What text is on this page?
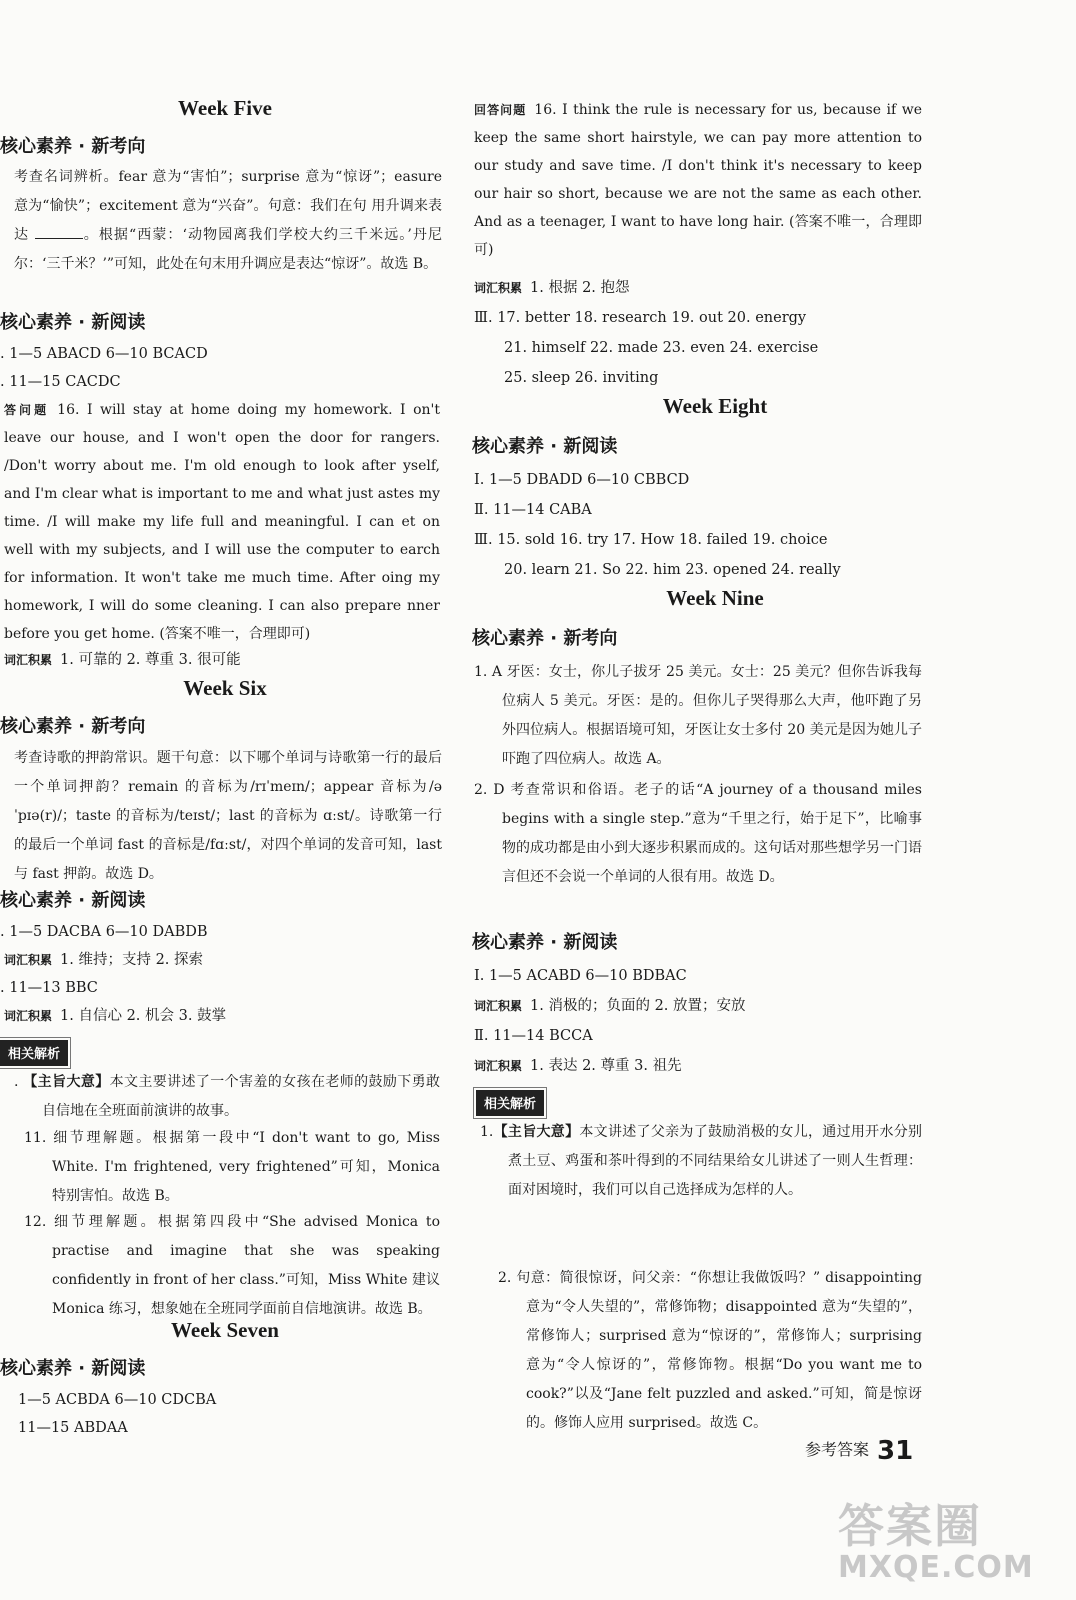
Week Five
核心素养 · 新考向
考查名词辨析。fear 意为“害怕”；surprise 意为“惊讶”；easure 意为“愉快”；excitement 意为“兴奋”。句意：我们在句 用升调来表达	。根据“西蒙：‘动物园离我们学校大约三千米远。’丹尼尔：‘三千米？’”可知，此处在句末用升调应是表达“惊讶”。故选 B。
核心素养 · 新阅读
. 1—5 ABACD 6—10 BCACD
. 11—15 CACDC
答问题 16. I will stay at home doing my homework. I on't leave our house, and I won't open the door for rangers. /Don't worry about me. I'm old enough to look after yself, and I'm clear what is important to me and what just astes my time. /I will make my life full and meaningful. I can et on well with my subjects, and I will use the computer to earch for information. It won't take me much time. After oing my homework, I will do some cleaning. I can also prepare nner before you get home. (答案不唯一，合理即可)
词汇积累 1. 可靠的 2. 尊重 3. 很可能
Week Six
核心素养 · 新考向
考查诗歌的押韵常识。题干句意：以下哪个单词与诗歌第一行的最后一个单词押韵？remain 的音标为/rɪˈmeɪn/；appear 音标为/əˈpɪə(r)/；taste 的音标为/teɪst/；last 的音标为 ɑːst/。诗歌第一行的最后一个单词 fast 的音标是/fɑːst/，对四个单词的发音可知，last 与 fast 押韵。故选 D。
核心素养 · 新阅读
. 1—5 DACBA 6—10 DABDB
词汇积累 1. 维持；支持 2. 探索
. 11—13 BBC
词汇积累 1. 自信心 2. 机会 3. 鼓掌
相关解析
. 【主旨大意】本文主要讲述了一个害羞的女孩在老师的鼓励下勇敢自信地在全班面前演讲的故事。
11. 细节理解题。根据第一段中“I don't want to go, Miss White. I'm frightened, very frightened”可知，Monica 特别害怕。故选 B。
12. 细节理解题。根据第四段中“She advised Monica to practise and imagine that she was speaking confidently in front of her class.”可知，Miss White 建议 Monica 练习，想象她在全班同学面前自信地演讲。故选 B。
Week Seven
核心素养 · 新阅读
1—5 ACBDA 6—10 CDCBA
11—15 ABDAA
回答问题 16. I think the rule is necessary for us, because if we keep the same short hairstyle, we can pay more attention to our study and save time. /I don't think it's necessary to keep our hair so short, because we are not the same as each other. And as a teenager, I want to have long hair. (答案不唯一，合理即可)
词汇积累 1. 根据 2. 抱怨
Ⅲ. 17. better 18. research 19. out 20. energy
21. himself 22. made 23. even 24. exercise
25. sleep 26. inviting
Week Eight
核心素养 · 新阅读
Ⅰ. 1—5 DBADD 6—10 CBBCD
Ⅱ. 11—14 CABA
Ⅲ. 15. sold 16. try 17. How 18. failed 19. choice
20. learn 21. So 22. him 23. opened 24. really
Week Nine
核心素养 · 新考向
1. A 牙医：女士，你儿子拔牙 25 美元。女士：25 美元？但你告诉我每位病人 5 美元。牙医：是的。但你儿子哭得那么大声，他吓跑了另外四位病人。根据语境可知，牙医让女士多付 20 美元是因为她儿子吓跑了四位病人。故选 A。
2. D 考查常识和俗语。老子的话“A journey of a thousand miles begins with a single step.”意为“千里之行，始于足下”，比喻事物的成功都是由小到大逐步积累而成的。这句话对那些想学另一门语言但还不会说一个单词的人很有用。故选 D。
核心素养 · 新阅读
Ⅰ. 1—5 ACABD 6—10 BDBAC
词汇积累 1. 消极的；负面的 2. 放置；安放
Ⅱ. 11—14 BCCA
词汇积累 1. 表达 2. 尊重 3. 祖先
相关解析
1.【主旨大意】本文讲述了父亲为了鼓励消极的女儿，通过用开水分别煮土豆、鸡蛋和茶叶得到的不同结果给女儿讲述了一则人生哲理：面对困境时，我们可以自己选择成为怎样的人。
2. 句意：简很惊讶，问父亲：“你想让我做饭吗？” disappointing 意为“令人失望的”，常修饰物；disappointed 意为“失望的”，常修饰人；surprised 意为“惊讶的”，常修饰人；surprising 意为“令人惊讶的”，常修饰物。根据“Do you want me to cook?”以及“Jane felt puzzled and asked.”可知，简是惊讶的。修饰人应用 surprised。故选 C。
参考答案 31
答案圈
MXQE.COM
